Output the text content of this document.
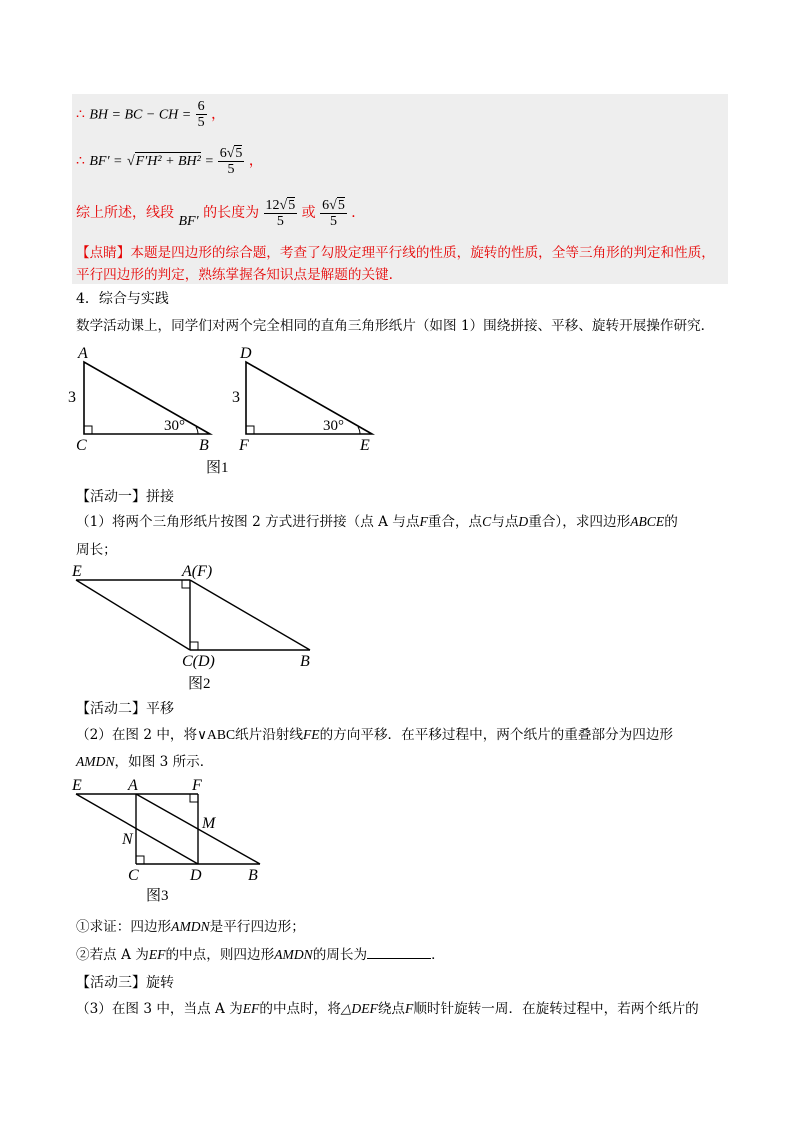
∴ BH = BC − CH = $\frac{6}{5}$ ，
∴ $BF' = √F'H^2 + BH^2 = \frac{6√5}{5}$ ，
综上所述，线段 BF′ 的长度为 $\frac{12√5}{5}$ 或 $\frac{6√5}{5}$ ．
【点睛】本题是四边形的综合题，考查了勾股定理平行线的性质，旋转的性质，全等三角形的判定和性质，
平行四边形的判定，熟练掌握各知识点是解题的关键.
4．综合与实践
数学活动课上，同学们对两个完全相同的直角三角形纸片（如图 1）围绕拼接、平移、旋转开展操作研究．
A
3
C
30°
B
D
3
F
30°
E
图1
【活动一】拼接
（1）将两个三角形纸片按图 2 方式进行拼接（点 A 与点F重合，点C与点D重合），求四边形ABCE的
周长；
E	A(F)
C(D)	B
图2
【活动二】平移
（2）在图 2 中，将∨ABC纸片沿射线FE的方向平移．在平移过程中，两个纸片的重叠部分为四边形
AMDN，如图 3 所示．
E	A	F
M
N
C	D	B
图3
①求证：四边形AMDN是平行四边形；
②若点 A 为EF的中点，则四边形AMDN的周长为	．
【活动三】旋转
（3）在图 3 中，当点 A 为EF的中点时，将△DEF绕点F顺时针旋转一周．在旋转过程中，若两个纸片的
